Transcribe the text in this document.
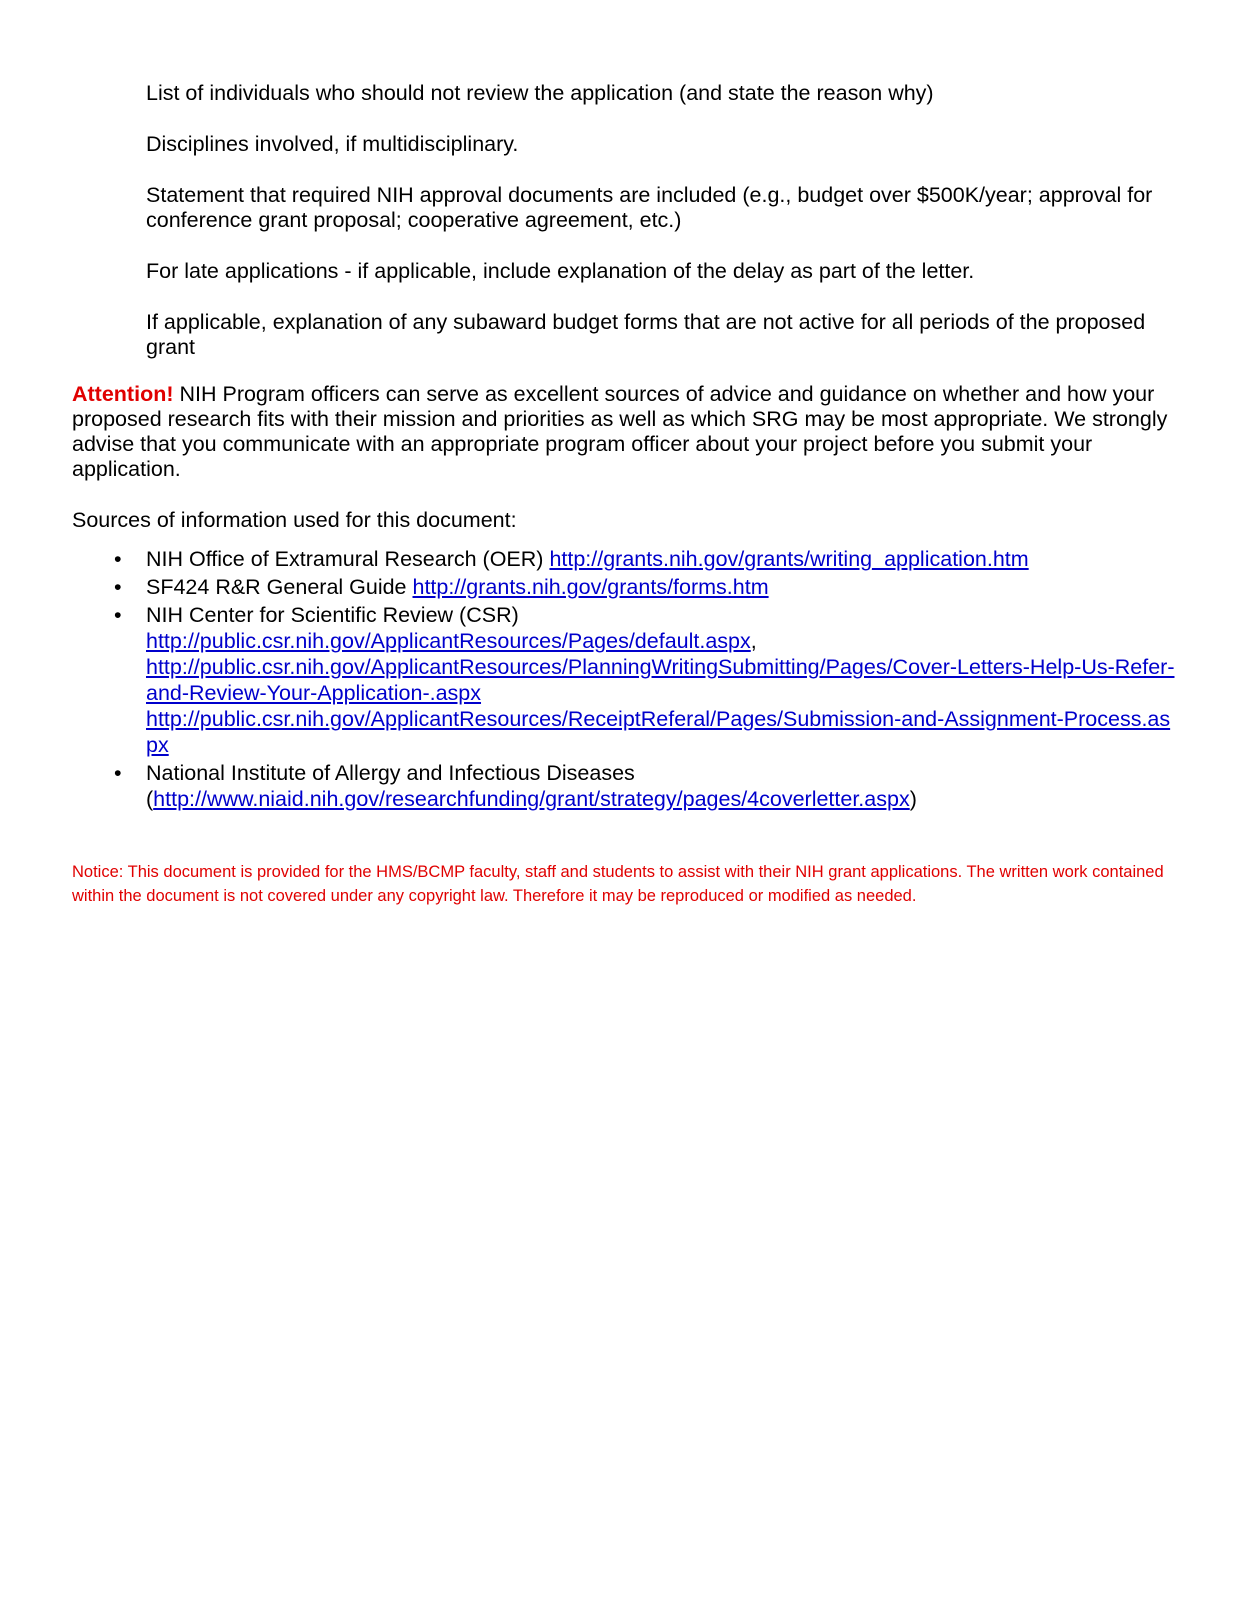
List of individuals who should not review the application (and state the reason why)
Disciplines involved, if multidisciplinary.
Statement that required NIH approval documents are included (e.g., budget over $500K/year; approval for conference grant proposal; cooperative agreement, etc.)
For late applications - if applicable, include explanation of the delay as part of the letter.
If applicable, explanation of any subaward budget forms that are not active for all periods of the proposed grant
Attention! NIH Program officers can serve as excellent sources of advice and guidance on whether and how your proposed research fits with their mission and priorities as well as which SRG may be most appropriate. We strongly advise that you communicate with an appropriate program officer about your project before you submit your application.
Sources of information used for this document:
• NIH Office of Extramural Research (OER) http://grants.nih.gov/grants/writing_application.htm
• SF424 R&R General Guide http://grants.nih.gov/grants/forms.htm
• NIH Center for Scientific Review (CSR)
http://public.csr.nih.gov/ApplicantResources/Pages/default.aspx,
http://public.csr.nih.gov/ApplicantResources/PlanningWritingSubmitting/Pages/Cover-Letters-Help-Us-Refer-and-Review-Your-Application-.aspx
http://public.csr.nih.gov/ApplicantResources/ReceiptReferal/Pages/Submission-and-Assignment-Process.aspx
• National Institute of Allergy and Infectious Diseases
(http://www.niaid.nih.gov/researchfunding/grant/strategy/pages/4coverletter.aspx)
Notice: This document is provided for the HMS/BCMP faculty, staff and students to assist with their NIH grant applications. The written work contained within the document is not covered under any copyright law. Therefore it may be reproduced or modified as needed.
